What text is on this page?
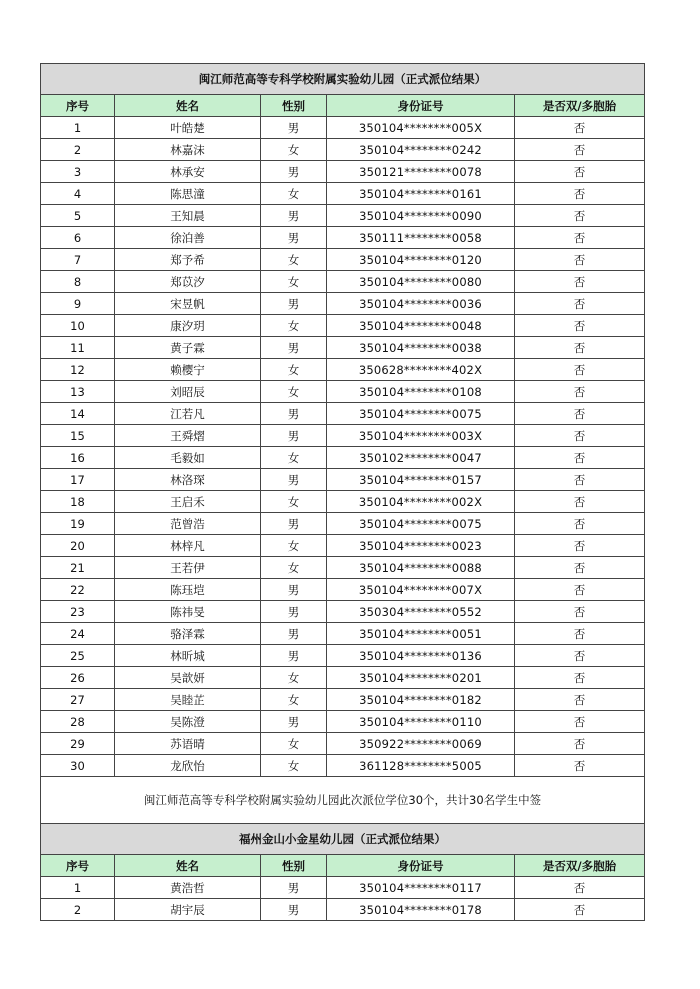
闽江师范高等专科学校附属实验幼儿园（正式派位结果）				
序号	姓名	性别	身份证号	是否双/多胞胎
1	叶皓楚	男	350104********005X	否
2	林嘉沫	女	350104********0242	否
3	林承安	男	350121********0078	否
4	陈思潼	女	350104********0161	否
5	王知晨	男	350104********0090	否
6	徐泊善	男	350111********0058	否
7	郑予希	女	350104********0120	否
8	郑苡汐	女	350104********0080	否
9	宋昱帆	男	350104********0036	否
10	康汐玥	女	350104********0048	否
11	黄子霖	男	350104********0038	否
12	赖樱宁	女	350628********402X	否
13	刘昭辰	女	350104********0108	否
14	江若凡	男	350104********0075	否
15	王舜熠	男	350104********003X	否
16	毛毅如	女	350102********0047	否
17	林洛琛	男	350104********0157	否
18	王启禾	女	350104********002X	否
19	范曾浩	男	350104********0075	否
20	林梓凡	女	350104********0023	否
21	王若伊	女	350104********0088	否
22	陈珏垲	男	350104********007X	否
23	陈祎旻	男	350304********0552	否
24	骆泽霖	男	350104********0051	否
25	林昕城	男	350104********0136	否
26	吴歆妍	女	350104********0201	否
27	吴睦芷	女	350104********0182	否
28	吴陈澄	男	350104********0110	否
29	苏语晴	女	350922********0069	否
30	龙欣怡	女	361128********5005	否
闽江师范高等专科学校附属实验幼儿园此次派位学位30个，共计30名学生中签				
福州金山小金星幼儿园（正式派位结果）				
序号	姓名	性别	身份证号	是否双/多胞胎
1	黄浩哲	男	350104********0117	否
2	胡宇辰	男	350104********0178	否
